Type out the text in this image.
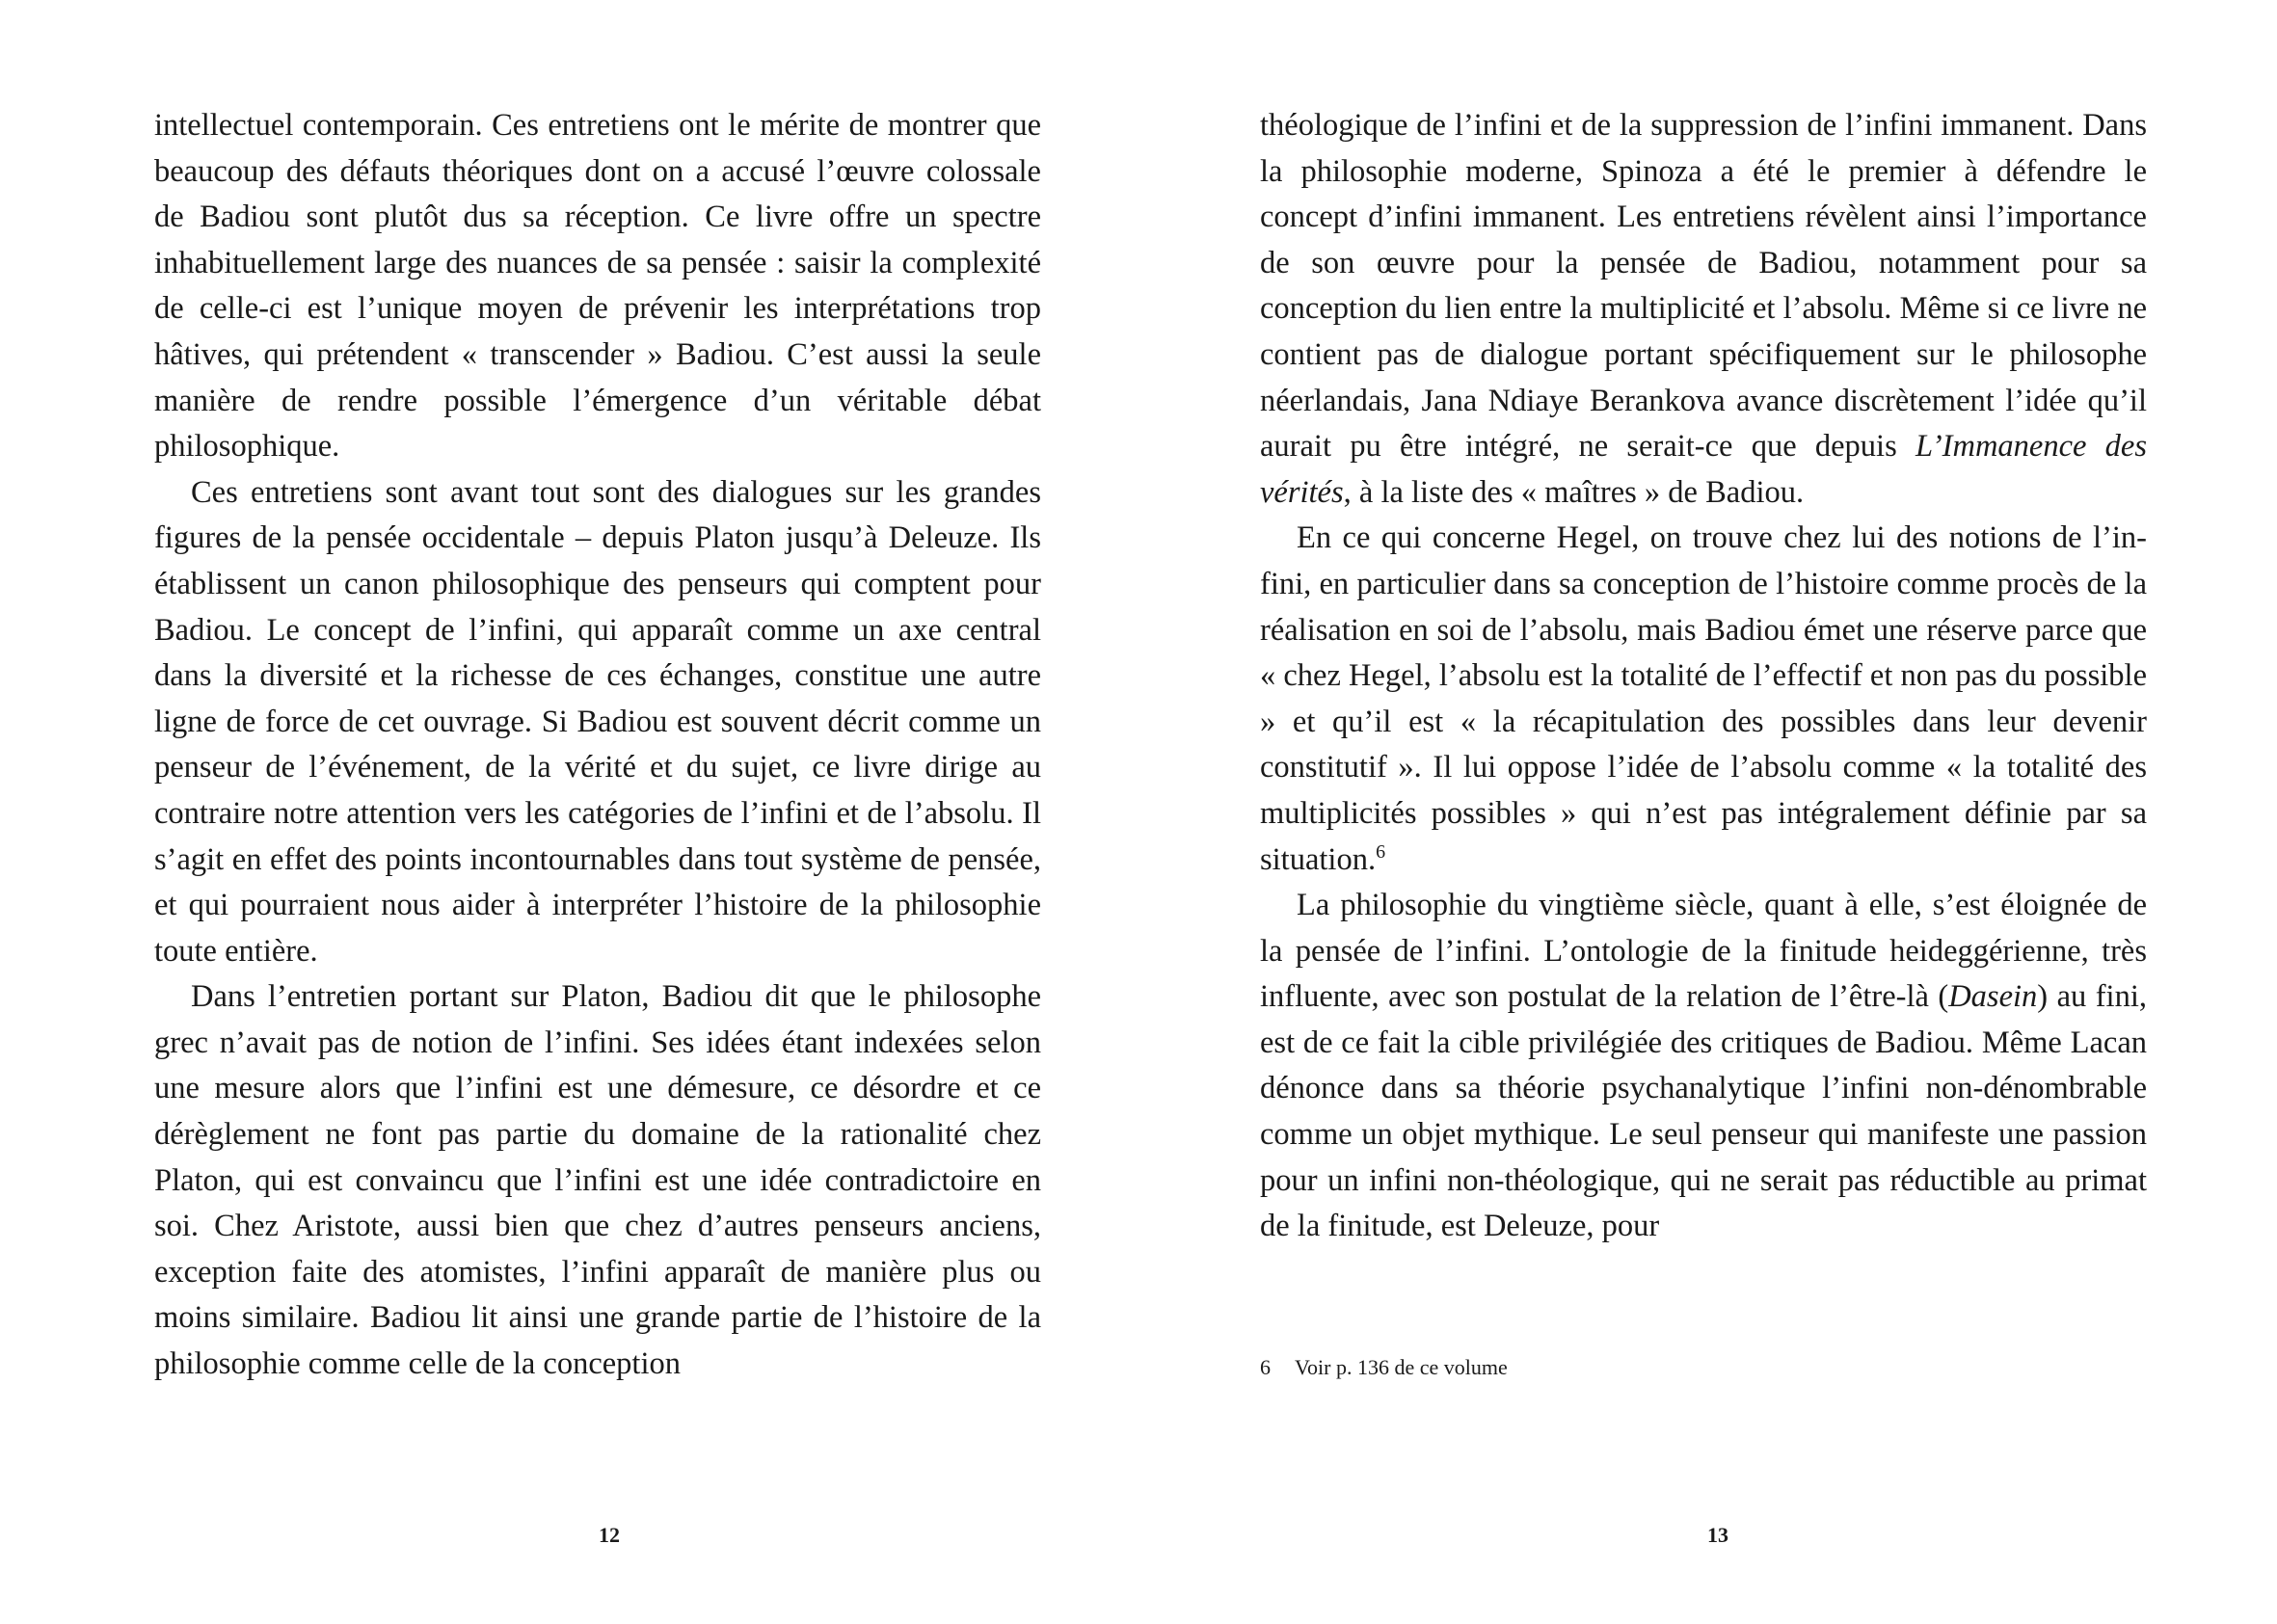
intellectuel contemporain. Ces entretiens ont le mérite de montrer que beaucoup des défauts théoriques dont on a accusé l’œuvre colossale de Badiou sont plutôt dus sa réception. Ce livre offre un spectre inhabituellement large des nuances de sa pensée : saisir la complexité de celle-ci est l’unique moyen de prévenir les interprétations trop hâtives, qui prétendent « transcender » Badiou. C’est aussi la seule manière de rendre possible l’émergence d’un véritable débat philosophique.

Ces entretiens sont avant tout sont des dialogues sur les grandes figures de la pensée occidentale – depuis Platon jusqu’à Deleuze. Ils établissent un canon philosophique des penseurs qui comptent pour Badiou. Le concept de l’infini, qui apparaît comme un axe central dans la diversité et la richesse de ces échanges, constitue une autre ligne de force de cet ouvrage. Si Badiou est souvent décrit comme un penseur de l’événement, de la vérité et du sujet, ce livre dirige au contraire notre attention vers les catégories de l’infini et de l’absolu. Il s’agit en effet des points incontournables dans tout système de pensée, et qui pourraient nous aider à interpréter l’histoire de la philosophie toute entière.

Dans l’entretien portant sur Platon, Badiou dit que le philosophe grec n’avait pas de notion de l’infini. Ses idées étant indexées selon une mesure alors que l’infini est une démesure, ce désordre et ce dérèglement ne font pas partie du domaine de la rationalité chez Platon, qui est convaincu que l’infini est une idée contradictoire en soi. Chez Aristote, aussi bien que chez d’autres penseurs anciens, exception faite des atomistes, l’infini apparaît de manière plus ou moins similaire. Badiou lit ainsi une grande partie de l’histoire de la philosophie comme celle de la conception

12

théologique de l’infini et de la suppression de l’infini immanent. Dans la philosophie moderne, Spinoza a été le premier à défendre le concept d’infini immanent. Les entretiens révèlent ainsi l’importance de son œuvre pour la pensée de Badiou, notamment pour sa conception du lien entre la multiplicité et l’absolu. Même si ce livre ne contient pas de dialogue portant spécifiquement sur le philosophe néerlandais, Jana Ndiaye Berankova avance discrètement l’idée qu’il aurait pu être intégré, ne serait-ce que depuis L’Immanence des vérités, à la liste des « maîtres » de Badiou.

En ce qui concerne Hegel, on trouve chez lui des notions de l’infini, en particulier dans sa conception de l’histoire comme procès de la réalisation en soi de l’absolu, mais Badiou émet une réserve parce que « chez Hegel, l’absolu est la totalité de l’effectif et non pas du possible » et qu’il est « la récapitulation des possibles dans leur devenir constitutif ». Il lui oppose l’idée de l’absolu comme « la totalité des multiplicités possibles » qui n’est pas intégralement définie par sa situation.$^6$

La philosophie du vingtième siècle, quant à elle, s’est éloignée de la pensée de l’infini. L’ontologie de la finitude heideggérienne, très influente, avec son postulat de la relation de l’être-là (Dasein) au fini, est de ce fait la cible privilégiée des critiques de Badiou. Même Lacan dénonce dans sa théorie psychanalytique l’infini non-dénombrable comme un objet mythique. Le seul penseur qui manifeste une passion pour un infini non-théologique, qui ne serait pas réductible au primat de la finitude, est Deleuze, pour

6 Voir p. 136 de ce volume
13
